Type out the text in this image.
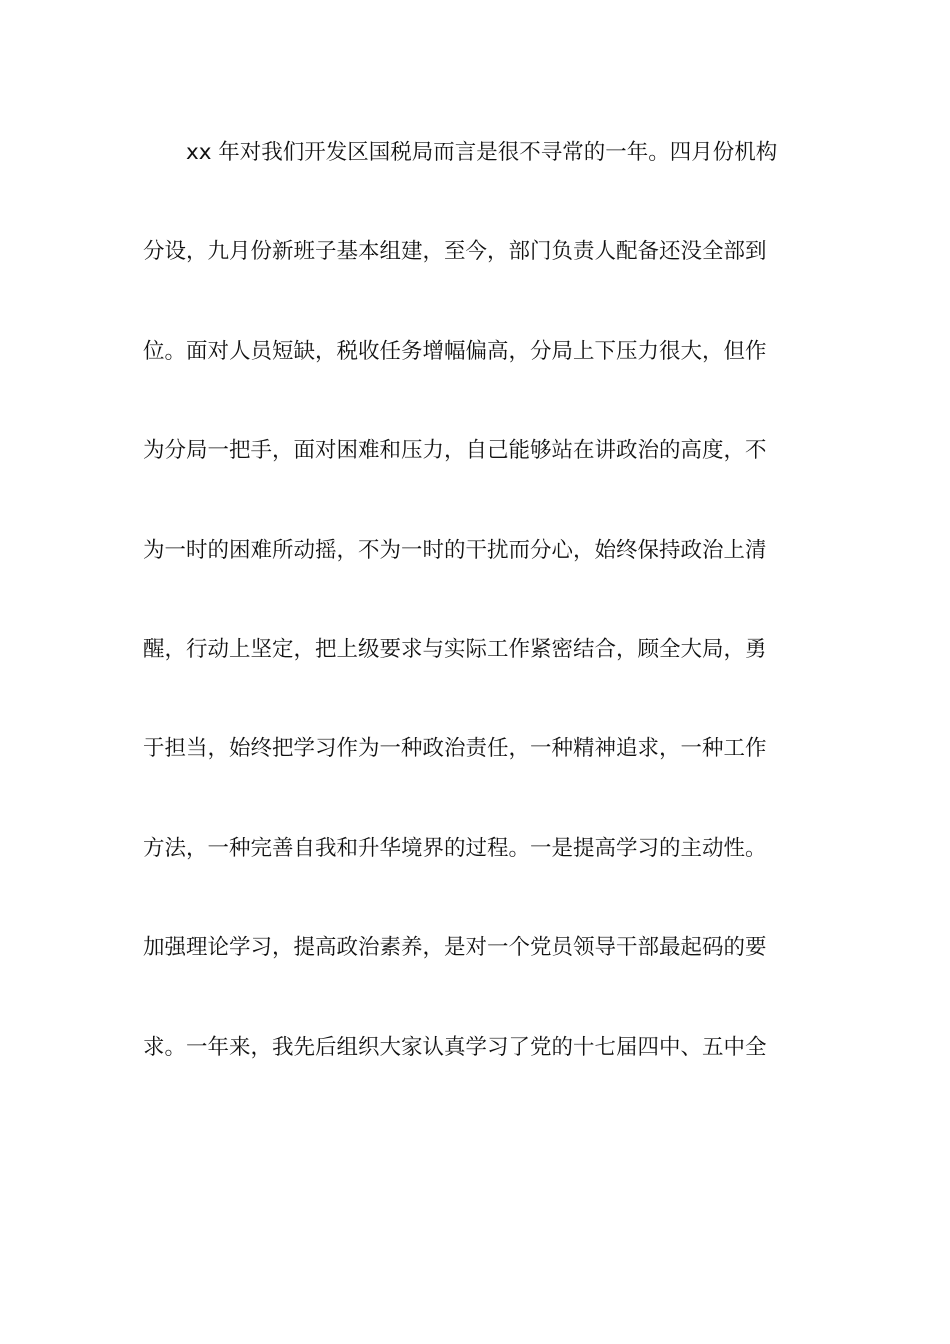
xx 年对我们开发区国税局而言是很不寻常的一年。四月份机构

分设，九月份新班子基本组建，至今，部门负责人配备还没全部到

位。面对人员短缺，税收任务增幅偏高，分局上下压力很大，但作

为分局一把手，面对困难和压力，自己能够站在讲政治的高度，不

为一时的困难所动摇，不为一时的干扰而分心，始终保持政治上清

醒，行动上坚定，把上级要求与实际工作紧密结合，顾全大局，勇

于担当，始终把学习作为一种政治责任，一种精神追求，一种工作

方法，一种完善自我和升华境界的过程。一是提高学习的主动性。

加强理论学习，提高政治素养，是对一个党员领导干部最起码的要

求。一年来，我先后组织大家认真学习了党的十七届四中、五中全
